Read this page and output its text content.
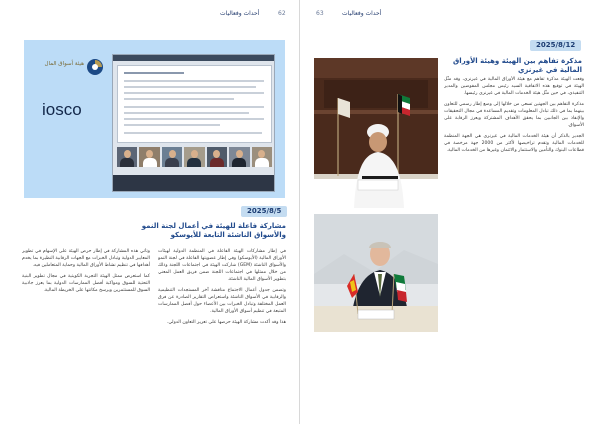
أحداث وفعاليات	62
هيئة أسواق المال
iosco
2025/8/5
مشاركة فاعلة للهيئة في أعمال لجنة النمو والأسواق الناشئة التابعة للأيوسكو

في إطار مشاركات الهيئة الفاعلة في المنظمة الدولية لهيئات الأوراق المالية (الأيوسكو) وفي إطار عضويتها الفاعلة في لجنة النمو والأسواق الناشئة (GEM) شاركت الهيئة في اجتماعات اللجنة وذلك من خلال ممثلها في اجتماعات اللجنة ضمن فريق العمل المعني بتطوير الأسواق المالية الناشئة.

وتضمن جدول أعمال الاجتماع مناقشة آخر المستجدات التنظيمية والرقابية في الأسواق الناشئة واستعراض التقارير الصادرة عن فرق العمل المختلفة وتبادل الخبرات بين الأعضاء حول أفضل الممارسات المتبعة في تنظيم أسواق الأوراق المالية.

هذا وقد أكدت مشاركة الهيئة حرصها على تعزيز التعاون الدولي.

وتأتي هذه المشاركة في إطار حرص الهيئة على الإسهام في تطوير المعايير الدولية وتبادل الخبرات مع الجهات الرقابية النظيرة بما يخدم أهدافها في تنظيم نشاط الأوراق المالية وحماية المتعاملين فيه.

كما استعرض ممثل الهيئة التجربة الكويتية في مجال تطوير البنية التحتية للسوق ومواكبة أفضل الممارسات الدولية بما يعزز جاذبية السوق للمستثمرين ويرسخ مكانتها على الخريطة المالية.

63	أحداث وفعاليات
2025/8/12
مذكرة تفاهم بين الهيئة وهيئة الأوراق المالية في غيرنزي

وقعت الهيئة مذكرة تفاهم مع هيئة الأوراق المالية في غيرنزي، وقد مثّل الهيئة في توقيع هذه الاتفاقية السيد رئيس مجلس المفوضين والمدير التنفيذي، في حين مثّل هيئة الخدمات المالية في غيرنزي رئيسها.

مذكرة التفاهم بين الجهتين تسعى من خلالها إلى وضع إطار رسمي للتعاون بينهما بما في ذلك تبادل المعلومات وتقديم المساعدة في مجال التحقيقات والإنفاذ بين الجانبين بما يحقق الأهداف المشتركة ويعزز الرقابة على الأسواق.

الجدير بالذكر أن هيئة الخدمات المالية في غيرنزي هي الجهة المنظمة للخدمات المالية وتقدم تراخيصها لأكثر من 2000 جهة مرخصة في قطاعات البنوك والتأمين والاستثمار والائتمان وغيرها من الخدمات المالية.
